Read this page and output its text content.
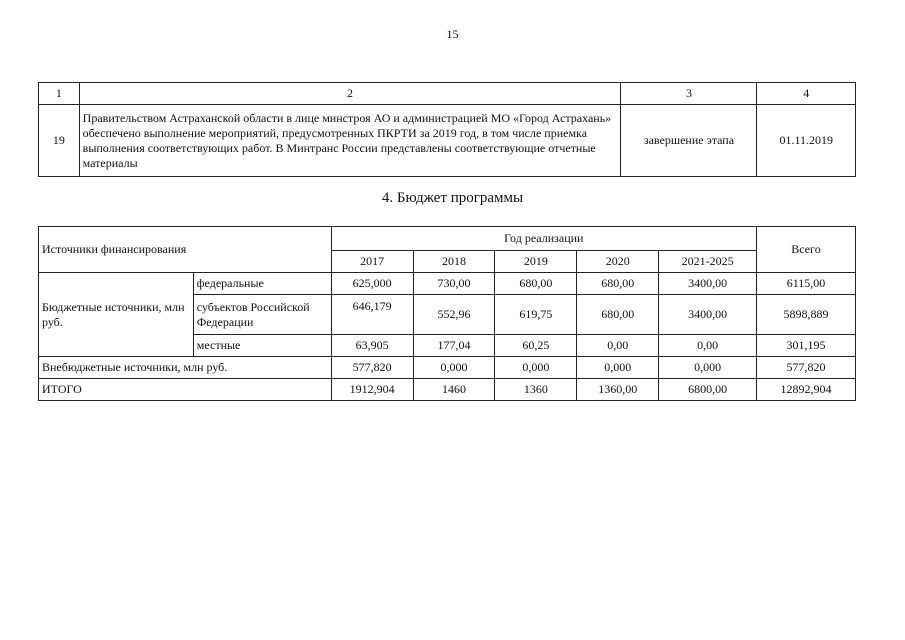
15
1	2	3	4
19	Правительством Астраханской области в лице минстроя АО и администрацией МО «Город Астрахань» обеспечено выполнение мероприятий, предусмотренных ПКРТИ за 2019 год, в том числе приемка выполнения соответствующих работ. В Минтранс России представлены соответствующие отчетные материалы	завершение этапа	01.11.2019
4. Бюджет программы
Источники финансирования		Год реализации					Всего
		2017	2018	2019	2020	2021-2025	
Бюджетные источники, млн руб.	федеральные	625,000	730,00	680,00	680,00	3400,00	6115,00
	субъектов Российской Федерации	646,179	552,96	619,75	680,00	3400,00	5898,889
	местные	63,905	177,04	60,25	0,00	0,00	301,195
Внебюджетные источники, млн руб.		577,820	0,000	0,000	0,000	0,000	577,820
ИТОГО		1912,904	1460	1360	1360,00	6800,00	12892,904
